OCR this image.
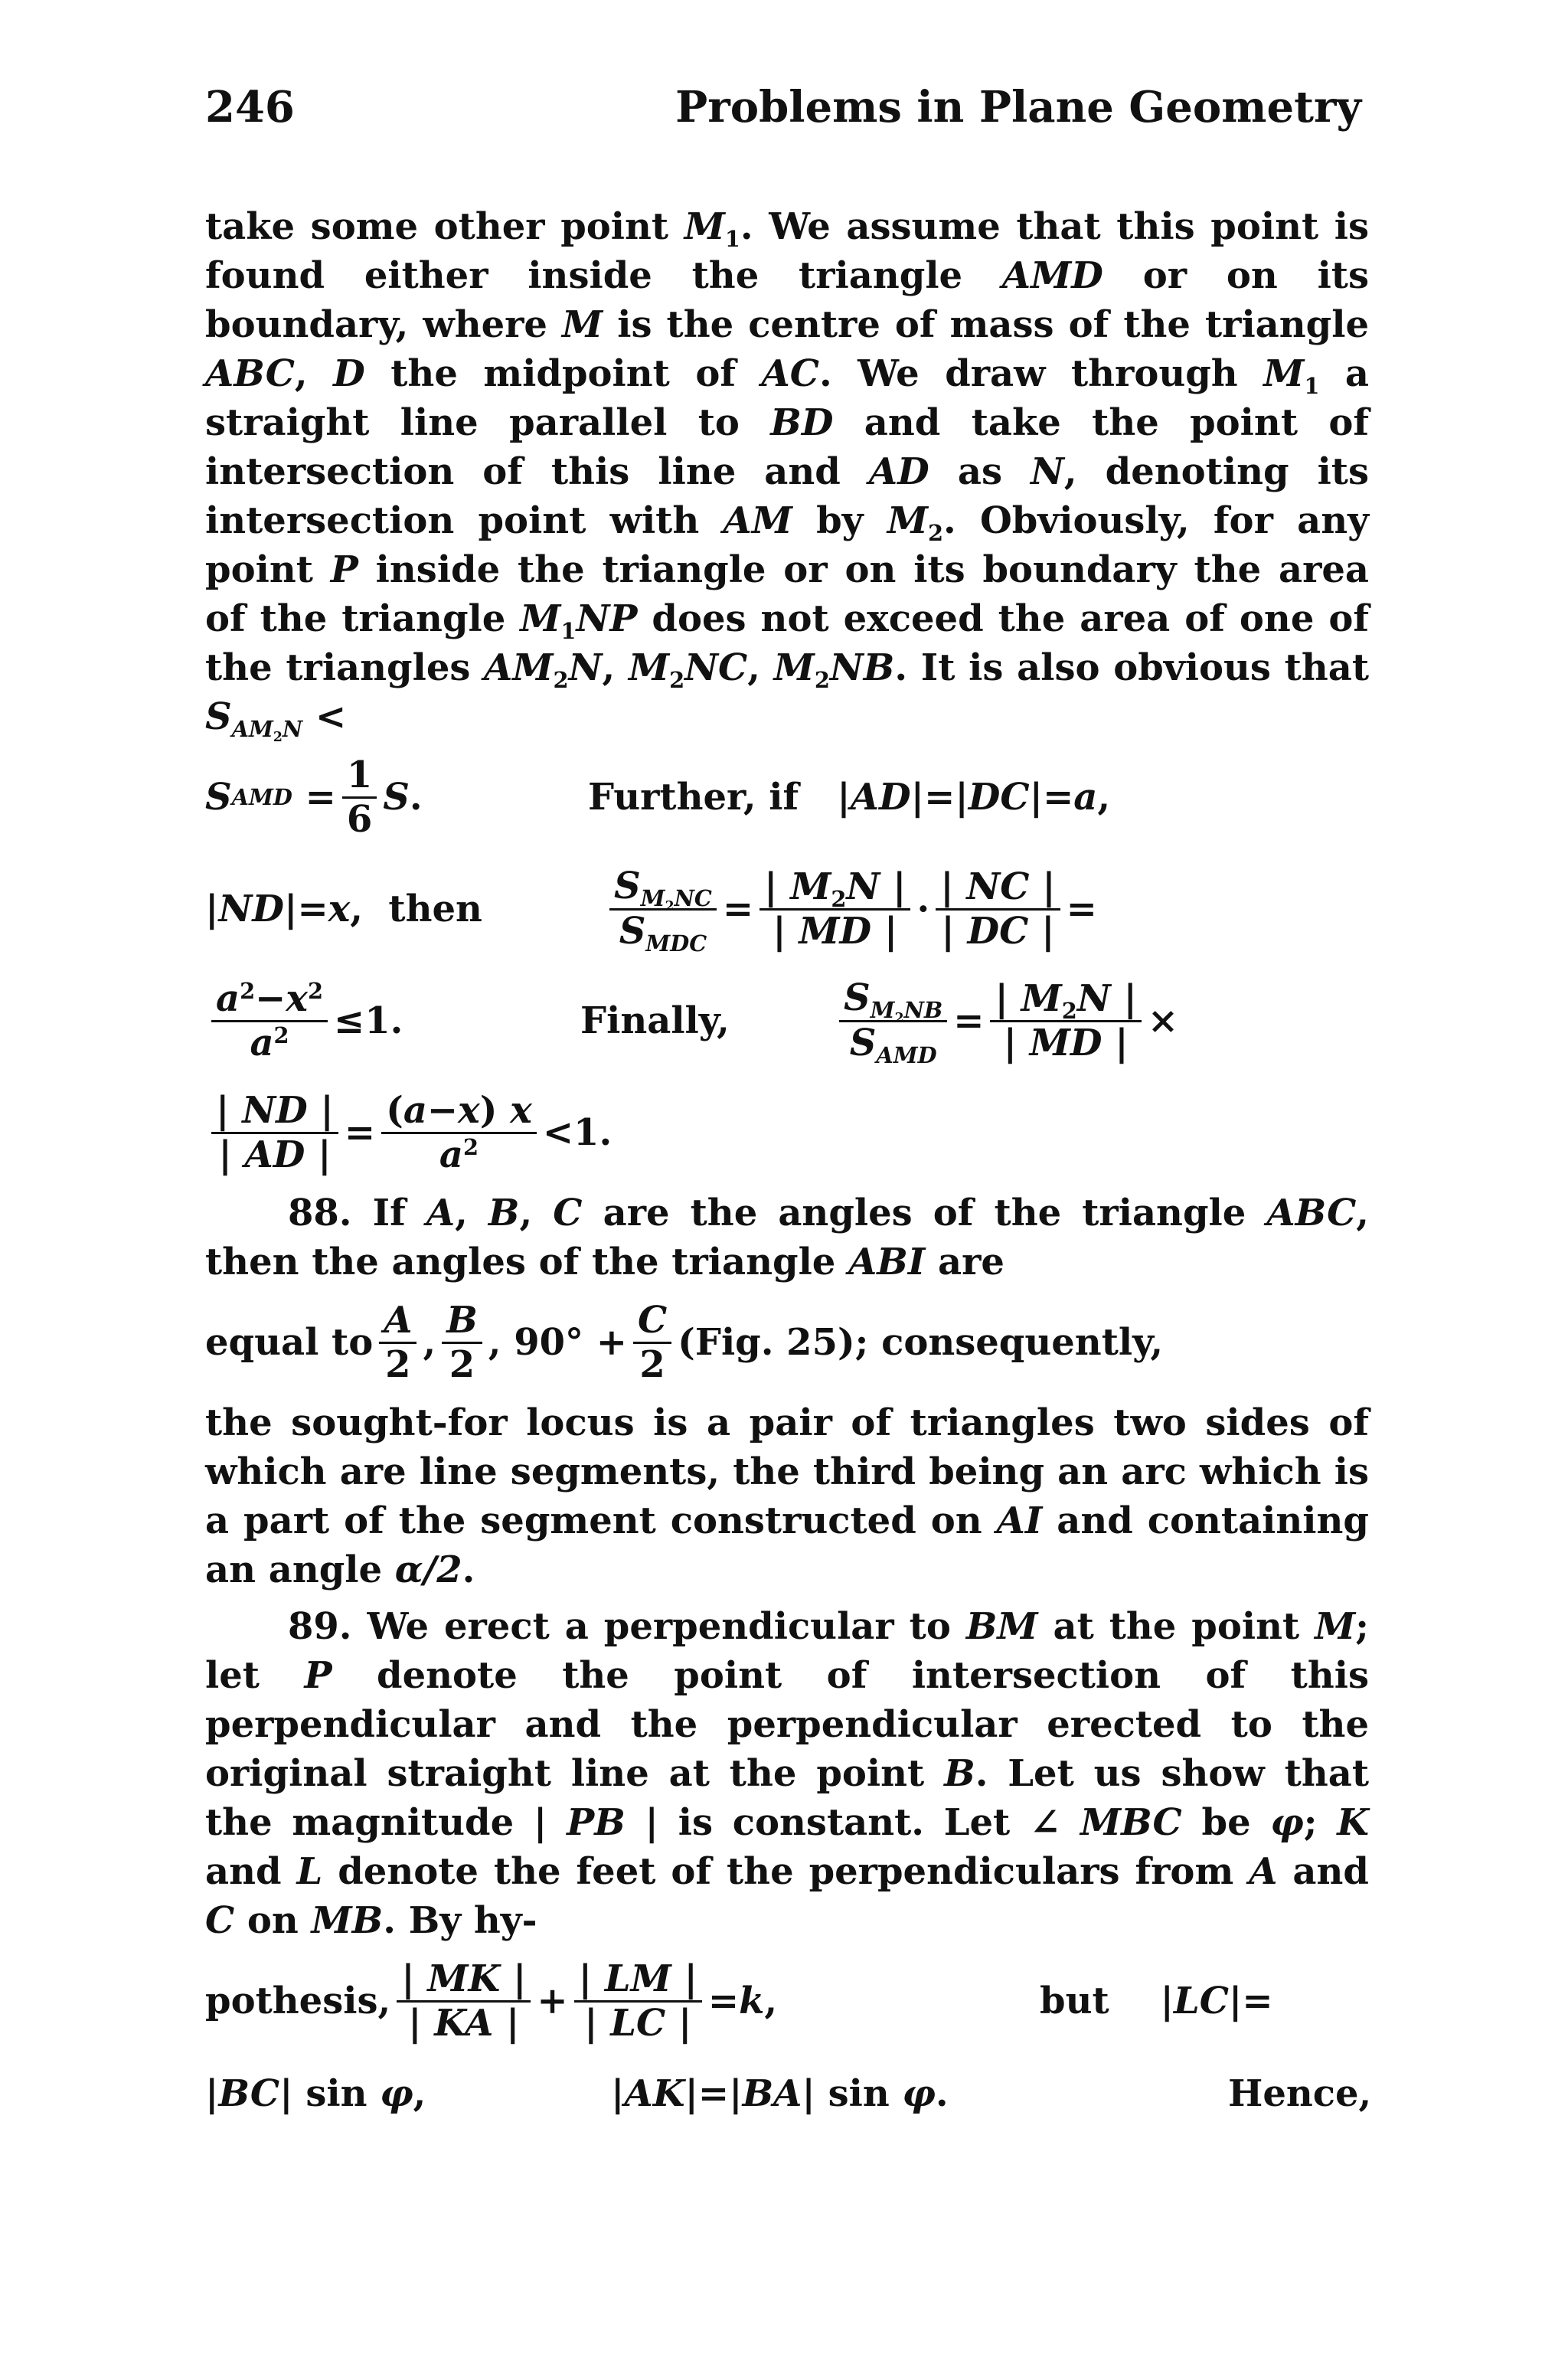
246	Problems in Plane Geometry

take some other point $M_1$. We assume that this point is found either inside the triangle AMD or on its boundary, where M is the centre of mass of the triangle ABC, D the midpoint of AC. We draw through $M_1$ a straight line parallel to BD and take the point of intersection of this line and AD as N, denoting its intersection point with AM by $M_2$. Obviously, for any point P inside the triangle or on its boundary the area of the triangle $M_1NP$ does not exceed the area of one of the triangles $AM_2N$, $M_2NC$, $M_2NB$. It is also obvious that $S_{AM_2N}$ <

S AMD
= $\frac{1}{6}$ S .	Further, if
| AD | = | DC | = a ,
| ND | = x ,
then	$\frac{S_{M_2NC}}{S_{MDC}} = \frac{| M_2N |}{| MD |} \cdot \frac{| NC |}{| DC |}$ =
$\frac{a^2-x^2}{a^2} \le 1$ .	Finally,	$\frac{S_{M_2NB}}{S_{AMD}} = \frac{| M_2N |}{| MD |}$ ×
$\frac{| ND |}{| AD |} = \frac{(a-x) x}{a^2} < 1$ .

88. If A, B, C are the angles of the triangle ABC, then the angles of the triangle ABI are

equal to $\frac{A}{2}$ , $\frac{B}{2}$ ,
90°
+ $\frac{C}{2} (Fig$. 25); consequently,

the sought-for locus is a pair of triangles two sides of which are line segments, the third being an arc which is a part of the segment constructed on AI and containing an angle α/2.

89. We erect a perpendicular to BM at the point M; let P denote the point of intersection of this perpendicular and the perpendicular erected to the original straight line at the point B. Let us show that the magnitude | PB | is constant. Let ∠ MBC be φ; K and L denote the feet of the perpendiculars from A and C on MB. By hy-

pothesis, $\frac{| MK |}{| KA |} + \frac{| LM |}{| LC |} = k$ ,	but
| LC | =
| BC |
sin
φ ,	| AK | = | BA |
sin
φ .	Hence,
